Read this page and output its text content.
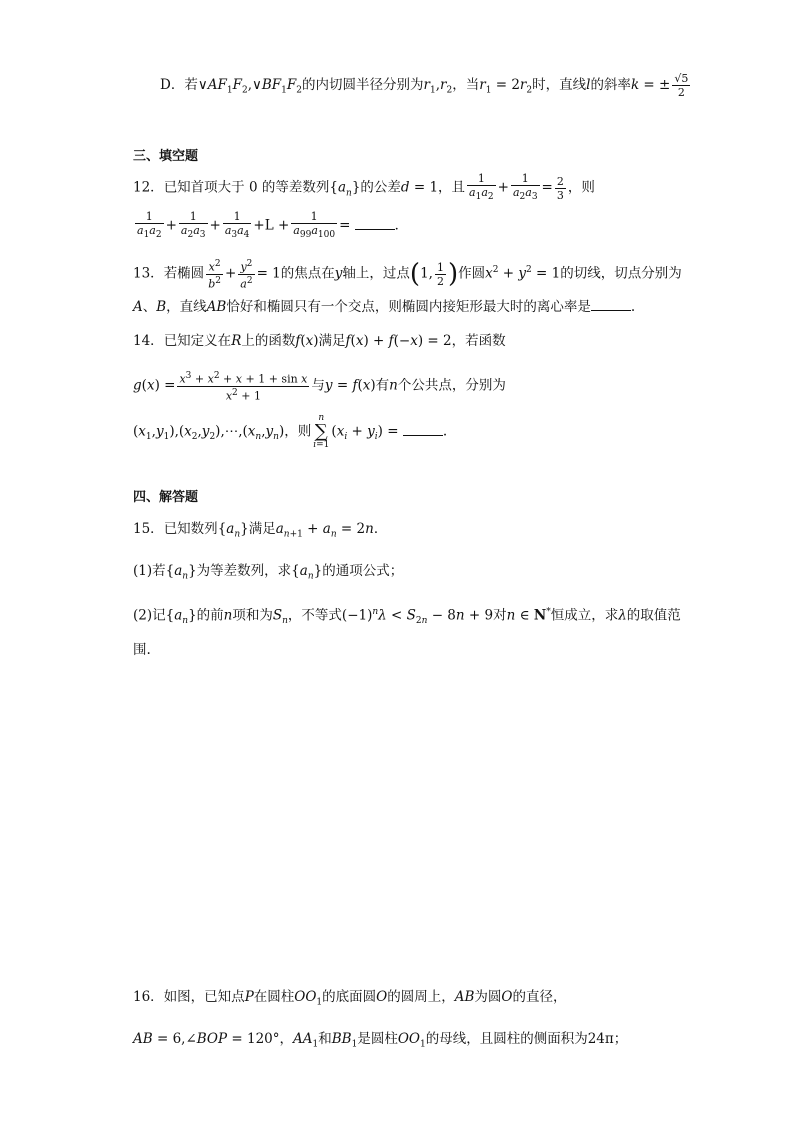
D．若$\vee AF_1F_2,\vee BF_1F_2$的内切圆半径分别为$r_1,r_2$，当$r_1 = 2r_2$时，直线l的斜率k = ± $\frac{√5}{2}$
三、填空题
12．已知首项大于 0 的等差数列$\{a_n\}$的公差d = 1，且 $\frac{1}{a_1a_2} + \frac{1}{a_2a_3} = \frac{2}{3}$ ，则
$\frac{1}{a_1a_2} + \frac{1}{a_2a_3} + \frac{1}{a_3a_4} +L + \frac{1}{a_{99}a_{100}}$ =	．
13．若椭圆 $\frac{x^2}{b^2} + \frac{y^2}{a^2} = 1$的焦点在y轴上，过点(1, $\frac{1}{2}$ )作圆$x^2 + y^2 = 1$的切线，切点分别为
A、B，直线AB恰好和椭圆只有一个交点，则椭圆内接矩形最大时的离心率是	.
14．已知定义在R上的函数f(x)满足f(x) + f(−x) = 2，若函数
$g(x) = \frac{x^3 + x^2 + x + 1 + \sin x}{x^2 + 1}$ 与y = f(x)有n个公共点，分别为
$(x_1,y_1),(x_2,y_2),\cdots,(x_n,y_n)$，则n
∑
$i=1(x_i + y_i)$ =	.
四、解答题
15．已知数列$\{a_n\}$满足$a_{n+1} + a_n = 2n$．
(1)若$\{a_n\}$为等差数列，求$\{a_n\}$的通项公式；
(2)记$\{a_n\}$的前n项和为$S_n$，不等式$(-1)^n\lambda < S_{2n} - 8n + 9$对n ∈ N*恒成立，求λ的取值范
围.
16．如图，已知点P在圆柱$OO_1$的底面圆O的圆周上，AB为圆O的直径，
AB = 6,∠BOP = 120°，$AA_1$和$BB_1$是圆柱$OO_1$的母线，且圆柱的侧面积为24π；
